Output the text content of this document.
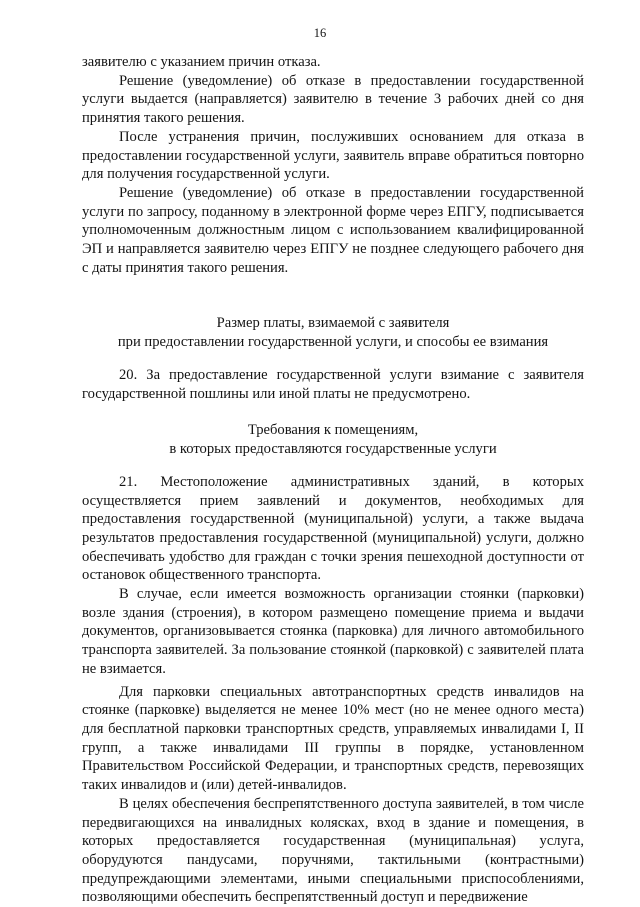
16

заявителю с указанием причин отказа.

Решение (уведомление) об отказе в предоставлении государственной услуги выдается (направляется) заявителю в течение 3 рабочих дней со дня принятия такого решения.

После устранения причин, послуживших основанием для отказа в предоставлении государственной услуги, заявитель вправе обратиться повторно для получения государственной услуги.

Решение (уведомление) об отказе в предоставлении государственной услуги по запросу, поданному в электронной форме через ЕПГУ, подписывается уполномоченным должностным лицом с использованием квалифицированной ЭП и направляется заявителю через ЕПГУ не позднее следующего рабочего дня с даты принятия такого решения.

Размер платы, взимаемой с заявителя
при предоставлении государственной услуги, и способы ее взимания

20. За предоставление государственной услуги взимание с заявителя государственной пошлины или иной платы не предусмотрено.

Требования к помещениям,
в которых предоставляются государственные услуги

21. Местоположение административных зданий, в которых осуществляется прием заявлений и документов, необходимых для предоставления государственной (муниципальной) услуги, а также выдача результатов предоставления государственной (муниципальной) услуги, должно обеспечивать удобство для граждан с точки зрения пешеходной доступности от остановок общественного транспорта.

В случае, если имеется возможность организации стоянки (парковки) возле здания (строения), в котором размещено помещение приема и выдачи документов, организовывается стоянка (парковка) для личного автомобильного транспорта заявителей. За пользование стоянкой (парковкой) с заявителей плата не взимается.

Для парковки специальных автотранспортных средств инвалидов на стоянке (парковке) выделяется не менее 10% мест (но не менее одного места) для бесплатной парковки транспортных средств, управляемых инвалидами I, II групп, а также инвалидами III группы в порядке, установленном Правительством Российской Федерации, и транспортных средств, перевозящих таких инвалидов и (или) детей-инвалидов.

В целях обеспечения беспрепятственного доступа заявителей, в том числе передвигающихся на инвалидных колясках, вход в здание и помещения, в которых предоставляется государственная (муниципальная) услуга, оборудуются пандусами, поручнями, тактильными (контрастными) предупреждающими элементами, иными специальными приспособлениями, позволяющими обеспечить беспрепятственный доступ и передвижение
